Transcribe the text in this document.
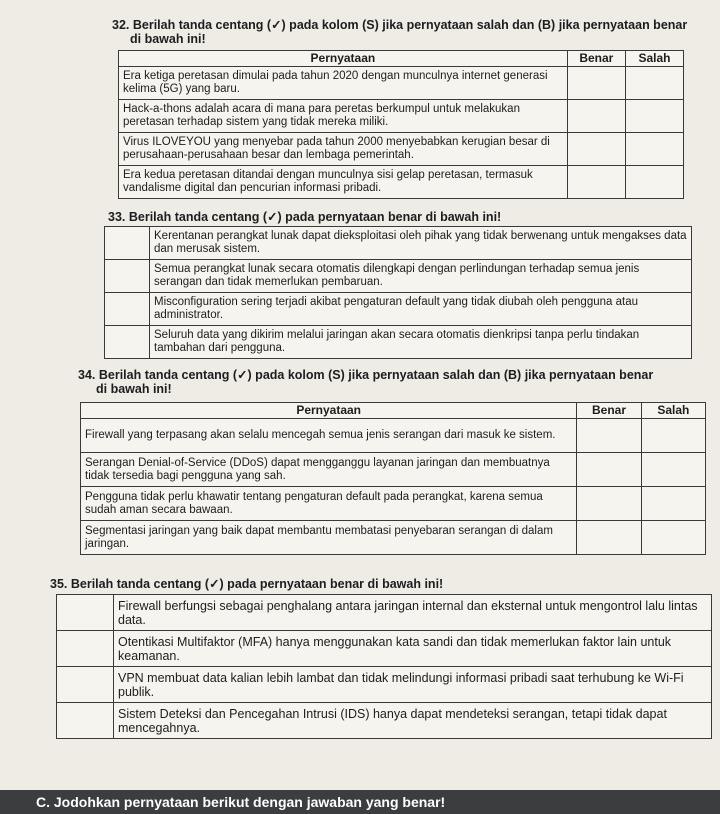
32. Berilah tanda centang (✓) pada kolom (S) jika pernyataan salah dan (B) jika pernyataan benar
di bawah ini!
Pernyataan	Benar	Salah
Era ketiga peretasan dimulai pada tahun 2020 dengan munculnya internet generasi kelima (5G) yang baru.		
Hack-a-thons adalah acara di mana para peretas berkumpul untuk melakukan peretasan terhadap sistem yang tidak mereka miliki.		
Virus ILOVEYOU yang menyebar pada tahun 2000 menyebabkan kerugian besar di perusahaan-perusahaan besar dan lembaga pemerintah.		
Era kedua peretasan ditandai dengan munculnya sisi gelap peretasan, termasuk vandalisme digital dan pencurian informasi pribadi.		
33. Berilah tanda centang (✓) pada pernyataan benar di bawah ini!
	Kerentanan perangkat lunak dapat dieksploitasi oleh pihak yang tidak berwenang untuk mengakses data dan merusak sistem.
	Semua perangkat lunak secara otomatis dilengkapi dengan perlindungan terhadap semua jenis serangan dan tidak memerlukan pembaruan.
	Misconfiguration sering terjadi akibat pengaturan default yang tidak diubah oleh pengguna atau administrator.
	Seluruh data yang dikirim melalui jaringan akan secara otomatis dienkripsi tanpa perlu tindakan tambahan dari pengguna.
34. Berilah tanda centang (✓) pada kolom (S) jika pernyataan salah dan (B) jika pernyataan benar
di bawah ini!
Pernyataan	Benar	Salah
Firewall yang terpasang akan selalu mencegah semua jenis serangan dari masuk ke sistem.		
Serangan Denial-of-Service (DDoS) dapat mengganggu layanan jaringan dan membuatnya tidak tersedia bagi pengguna yang sah.		
Pengguna tidak perlu khawatir tentang pengaturan default pada perangkat, karena semua sudah aman secara bawaan.		
Segmentasi jaringan yang baik dapat membantu membatasi penyebaran serangan di dalam jaringan.		
35. Berilah tanda centang (✓) pada pernyataan benar di bawah ini!
	Firewall berfungsi sebagai penghalang antara jaringan internal dan eksternal untuk mengontrol lalu lintas data.
	Otentikasi Multifaktor (MFA) hanya menggunakan kata sandi dan tidak memerlukan faktor lain untuk keamanan.
	VPN membuat data kalian lebih lambat dan tidak melindungi informasi pribadi saat terhubung ke Wi-Fi publik.
	Sistem Deteksi dan Pencegahan Intrusi (IDS) hanya dapat mendeteksi serangan, tetapi tidak dapat mencegahnya.
C. Jodohkan pernyataan berikut dengan jawaban yang benar!
